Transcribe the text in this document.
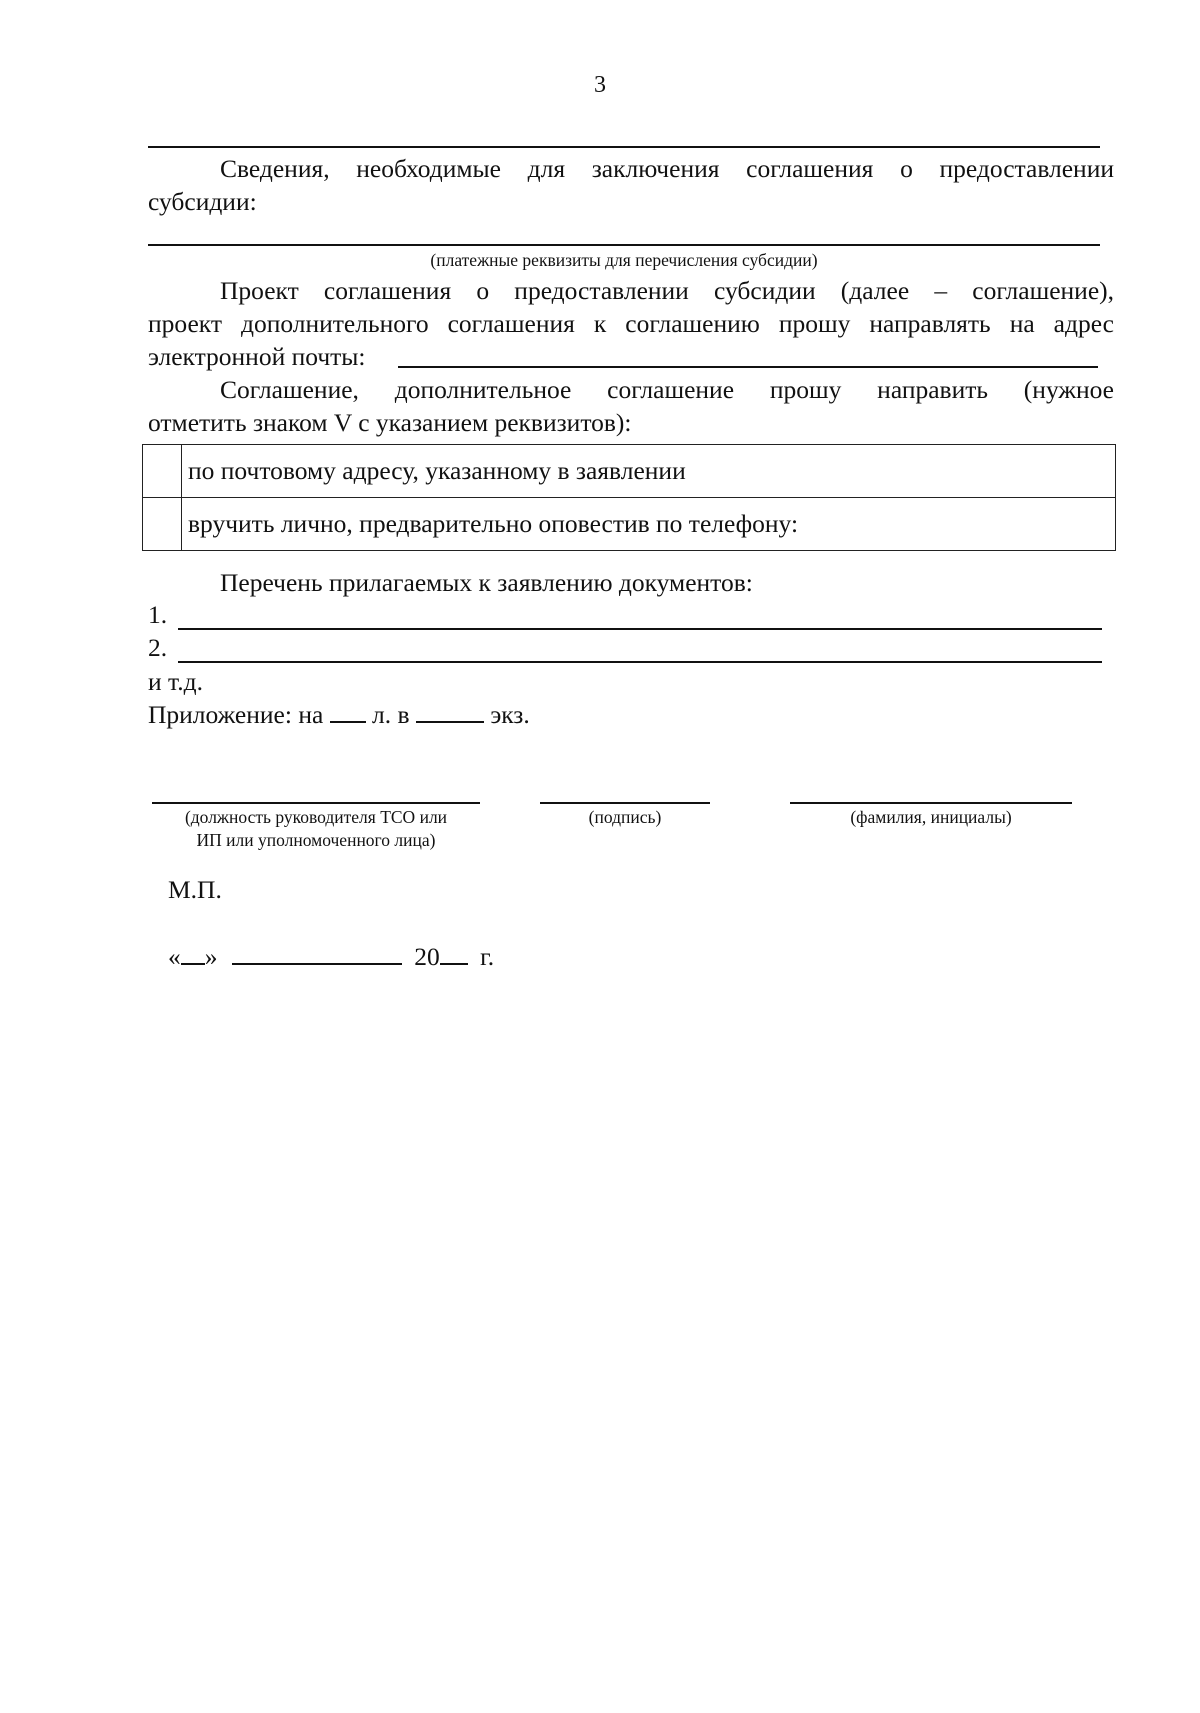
3
Сведения, необходимые для заключения соглашения о предоставлении
субсидии:
(платежные реквизиты для перечисления субсидии)
Проект соглашения о предоставлении субсидии (далее – соглашение),
проект дополнительного соглашения к соглашению прошу направлять на адрес
электронной почты:
Соглашение, дополнительное соглашение прошу направить (нужное
отметить знаком V с указанием реквизитов):
	по почтовому адресу, указанному в заявлении
	вручить лично, предварительно оповестив по телефону:
Перечень прилагаемых к заявлению документов:
1.
2.
и т.д.
Приложение: на л. в	экз.
(должность руководителя ТСО или
ИП или уполномоченного лица)
(подпись)	(фамилия, инициалы)
М.П.
« »	20 г.
